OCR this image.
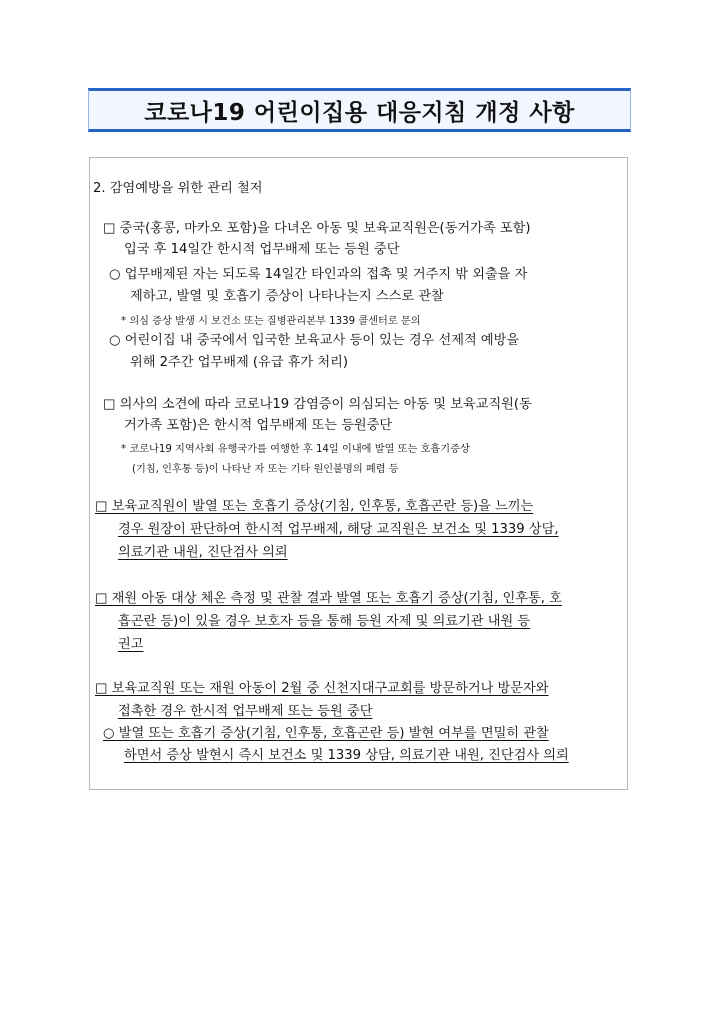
코로나19 어린이집용 대응지침 개정 사항
2. 감염예방을 위한 관리 철저
□ 중국(홍콩, 마카오 포함)을 다녀온 아동 및 보육교직원은(동거가족 포함)
입국 후 14일간 한시적 업무배제 또는 등원 중단
○ 업무배제된 자는 되도록 14일간 타인과의 접촉 및 거주지 밖 외출을 자
제하고, 발열 및 호흡기 증상이 나타나는지 스스로 관찰
* 의심 증상 발생 시 보건소 또는 질병관리본부 1339 콜센터로 문의
○ 어린이집 내 중국에서 입국한 보육교사 등이 있는 경우 선제적 예방을
위해 2주간 업무배제 (유급 휴가 처리)
□ 의사의 소견에 따라 코로나19 감염증이 의심되는 아동 및 보육교직원(동
거가족 포함)은 한시적 업무배제 또는 등원중단
* 코로나19 지역사회 유행국가를 여행한 후 14일 이내에 발열 또는 호흡기증상
(기침, 인후통 등)이 나타난 자 또는 기타 원인불명의 폐렴 등
□ 보육교직원이 발열 또는 호흡기 증상(기침, 인후통, 호흡곤란 등)을 느끼는
경우 원장이 판단하여 한시적 업무배제, 해당 교직원은 보건소 및 1339 상담,
의료기관 내원, 진단검사 의뢰
□ 재원 아동 대상 체온 측정 및 관찰 결과 발열 또는 호흡기 증상(기침, 인후통, 호
흡곤란 등)이 있을 경우 보호자 등을 통해 등원 자제 및 의료기관 내원 등
권고
□ 보육교직원 또는 재원 아동이 2월 중 신천지대구교회를 방문하거나 방문자와
접촉한 경우 한시적 업무배제 또는 등원 중단
○ 발열 또는 호흡기 증상(기침, 인후통, 호흡곤란 등) 발현 여부를 면밀히 관찰
하면서 증상 발현시 즉시 보건소 및 1339 상담, 의료기관 내원, 진단검사 의뢰
